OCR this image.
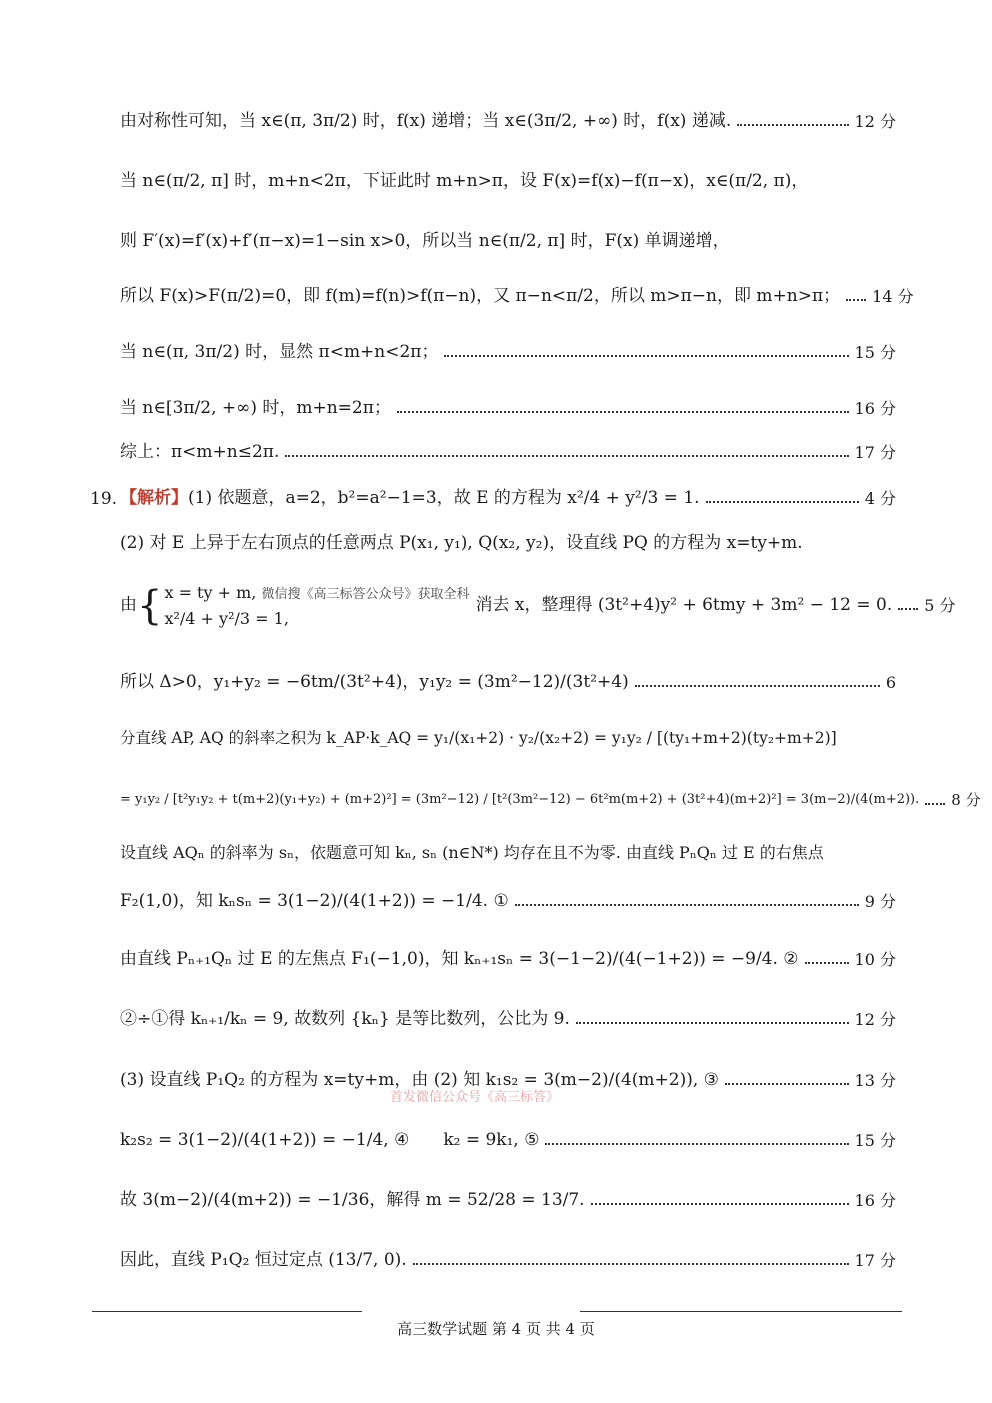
由对称性可知，当 x∈(π, 3π/2) 时，f(x) 递增；当 x∈(3π/2, +∞) 时，f(x) 递减.	12 分
当 n∈(π/2, π] 时，m+n<2π，下证此时 m+n>π，设 F(x)=f(x)−f(π−x)，x∈(π/2, π)，
则 F′(x)=f′(x)+f′(π−x)=1−sin x>0，所以当 n∈(π/2, π] 时，F(x) 单调递增，
所以 F(x)>F(π/2)=0，即 f(m)=f(n)>f(π−n)，又 π−n<π/2，所以 m>π−n，即 m+n>π； 14 分
当 n∈(π, 3π/2) 时，显然 π<m+n<2π；	15 分
当 n∈[3π/2, +∞) 时，m+n=2π；	16 分
综上：π<m+n≤2π.	17 分
19. 【解析】 (1) 依题意，a=2，b²=a²−1=3，故 E 的方程为 x²/4 + y²/3 = 1.	4 分
(2) 对 E 上异于左右顶点的任意两点 P(x₁, y₁), Q(x₂, y₂)，设直线 PQ 的方程为 x=ty+m.
由 { x = ty + m, 微信搜《高三标答公众号》获取全科
x²/4 + y²/3 = 1,
消去 x，整理得 (3t²+4)y² + 6tmy + 3m² − 12 = 0. 5 分
所以 Δ>0，y₁+y₂ = −6tm/(3t²+4)，y₁y₂ = (3m²−12)/(3t²+4)	6
分直线 AP, AQ 的斜率之积为 k_AP·k_AQ = y₁/(x₁+2) · y₂/(x₂+2) = y₁y₂ / [(ty₁+m+2)(ty₂+m+2)]
= y₁y₂ / [t²y₁y₂ + t(m+2)(y₁+y₂) + (m+2)²] = (3m²−12) / [t²(3m²−12) − 6t²m(m+2) + (3t²+4)(m+2)²] = 3(m−2)/(4(m+2)). 8 分
设直线 AQₙ 的斜率为 sₙ，依题意可知 kₙ, sₙ (n∈N*) 均存在且不为零. 由直线 PₙQₙ 过 E 的右焦点
F₂(1,0)，知 kₙsₙ = 3(1−2)/(4(1+2)) = −1/4. ①	9 分
由直线 Pₙ₊₁Qₙ 过 E 的左焦点 F₁(−1,0)，知 kₙ₊₁sₙ = 3(−1−2)/(4(−1+2)) = −9/4. ②	10 分
②÷①得 kₙ₊₁/kₙ = 9, 故数列 {kₙ} 是等比数列，公比为 9.	12 分
(3) 设直线 P₁Q₂ 的方程为 x=ty+m，由 (2) 知 k₁s₂ = 3(m−2)/(4(m+2)), ③	13 分
首发微信公众号《高三标答》
k₂s₂ = 3(1−2)/(4(1+2)) = −1/4, ④　　k₂ = 9k₁, ⑤	15 分
故 3(m−2)/(4(m+2)) = −1/36，解得 m = 52/28 = 13/7.	16 分
因此，直线 P₁Q₂ 恒过定点 (13/7, 0).	17 分
高三数学试题 第 4 页 共 4 页
